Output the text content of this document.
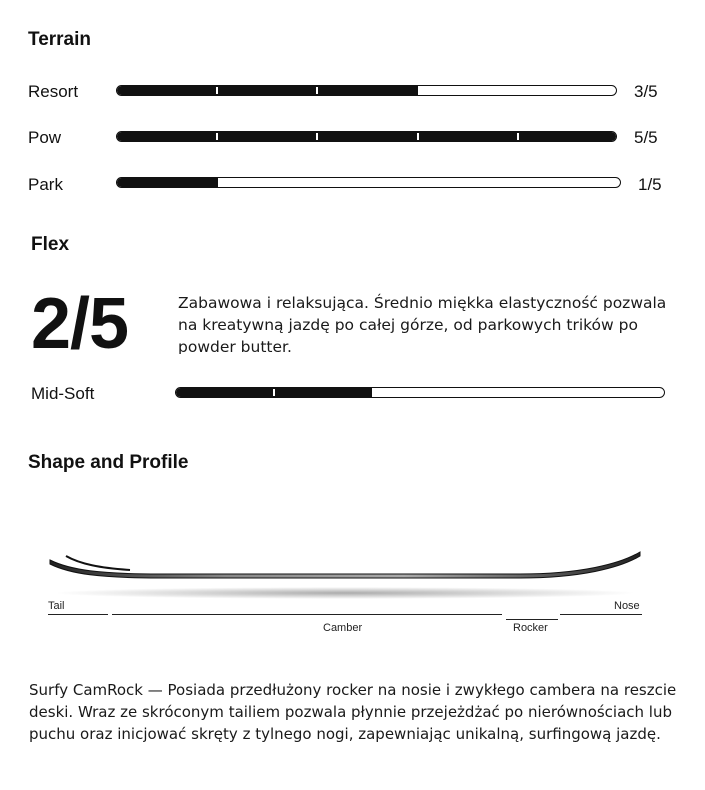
Terrain
Resort	3/5
Pow	5/5
Park	1/5
Flex
2/5	Zabawowa i relaksująca. Średnio miękka elastyczność pozwala na kreatywną jazdę po całej górze, od parkowych trików po powder butter.
Mid-Soft
Shape and Profile
Tail	Nose
Camber	Rocker
Surfy CamRock — Posiada przedłużony rocker na nosie i zwykłego cambera na reszcie deski. Wraz ze skróconym tailiem pozwala płynnie przejeżdżać po nierównościach lub puchu oraz inicjować skręty z tylnego nogi, zapewniając unikalną, surfingową jazdę.
